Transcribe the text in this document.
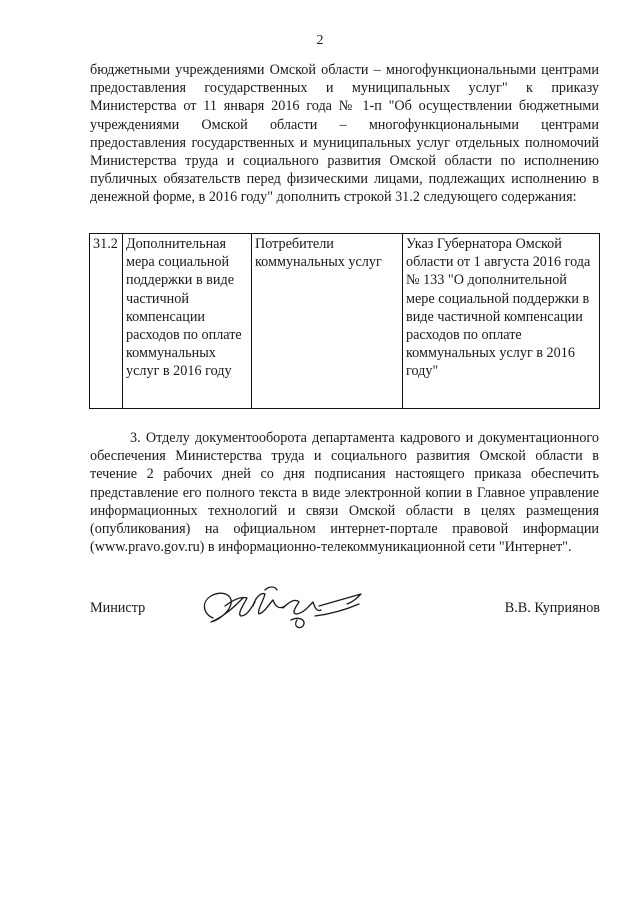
2

бюджетными учреждениями Омской области – многофункциональными центрами предоставления государственных и муниципальных услуг" к приказу Министерства от 11 января 2016 года № 1-п "Об осуществлении бюджетными учреждениями Омской области – многофункциональными центрами предоставления государственных и муниципальных услуг отдельных полномочий Министерства труда и социального развития Омской области по исполнению публичных обязательств перед физическими лицами, подлежащих исполнению в денежной форме, в 2016 году" дополнить строкой 31.2 следующего содержания:

31.2	Дополнительная мера социальной поддержки в виде частичной компенсации расходов по оплате коммунальных услуг в 2016 году	Потребители коммунальных услуг	Указ Губернатора Омской области от 1 августа 2016 года № 133 "О дополнительной мере социальной поддержки в виде частичной компенсации расходов по оплате коммунальных услуг в 2016 году"

3. Отделу документооборота департамента кадрового и документационного обеспечения Министерства труда и социального развития Омской области в течение 2 рабочих дней со дня подписания настоящего приказа обеспечить представление его полного текста в виде электронной копии в Главное управление информационных технологий и связи Омской области в целях размещения (опубликования) на официальном интернет-портале правовой информации (www.pravo.gov.ru) в информационно-телекоммуникационной сети "Интернет".

Министр	В.В. Куприянов
